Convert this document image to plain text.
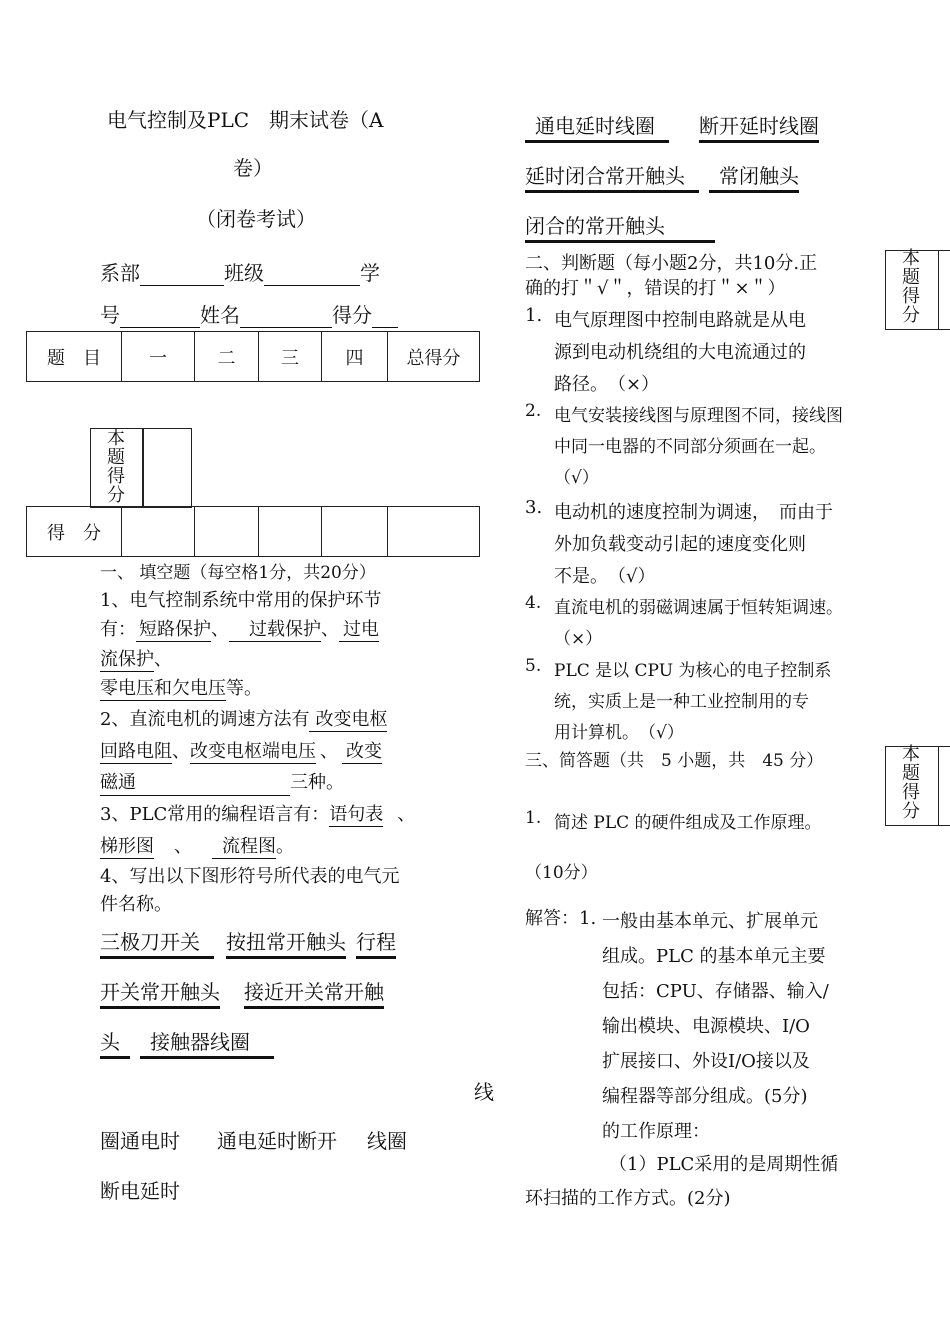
电气控制及PLC　期末试卷（A
卷）
（闭卷考试）
系部	班级	学
号	姓名	得分
题　目	一	二	三	四	总得分
本
题
得
分
得　分					
一、 填空题（每空格1分，共20分）
1、电气控制系统中常用的保护环节
有： 短路保护、 过载保护、 过电
流保护、
零电压和欠电压等。
2、直流电机的调速方法有 改变电枢
回路电阻、改变电枢端电压 、 改变
磁通	三种。
3、PLC常用的编程语言有：语句表 、
梯形图 、 流程图。
4、写出以下图形符号所代表的电气元
件名称。
三极刀开关 按扭常开触头 行程
开关常开触头 接近开关常开触
头 接触器线圈
线
圈通电时 通电延时断开 线圈
断电延时
通电延时线圈 断开延时线圈
延时闭合常开触头 常闭触头
闭合的常开触头
二、判断题（每小题2分，共10分.正
确的打＂√＂，错误的打＂×＂）
1. 电气原理图中控制电路就是从电
源到电动机绕组的大电流通过的
路径。　（×）
2. 电气安装接线图与原理图不同，接线图
中同一电器的不同部分须画在一起。
（√）
3. 电动机的速度控制为调速，　而由于
外加负载变动引起的速度变化则
不是。　（√）
4. 直流电机的弱磁调速属于恒转矩调速。
（×）
5. PLC 是以 CPU 为核心的电子控制系
统，实质上是一种工业控制用的专
用计算机。　（√）
三、简答题（共　5 小题，共　45 分）
1. 简述 PLC 的硬件组成及工作原理。
（10分）
解答：1. 一般由基本单元、扩展单元
组成。PLC 的基本单元主要
包括：CPU、存储器、输入/
输出模块、电源模块、I/O
扩展接口、外设I/O接以及
编程器等部分组成。(5分)
的工作原理：
（1）PLC采用的是周期性循
环扫描的工作方式。(2分)
本
题
得
分
本
题
得
分
